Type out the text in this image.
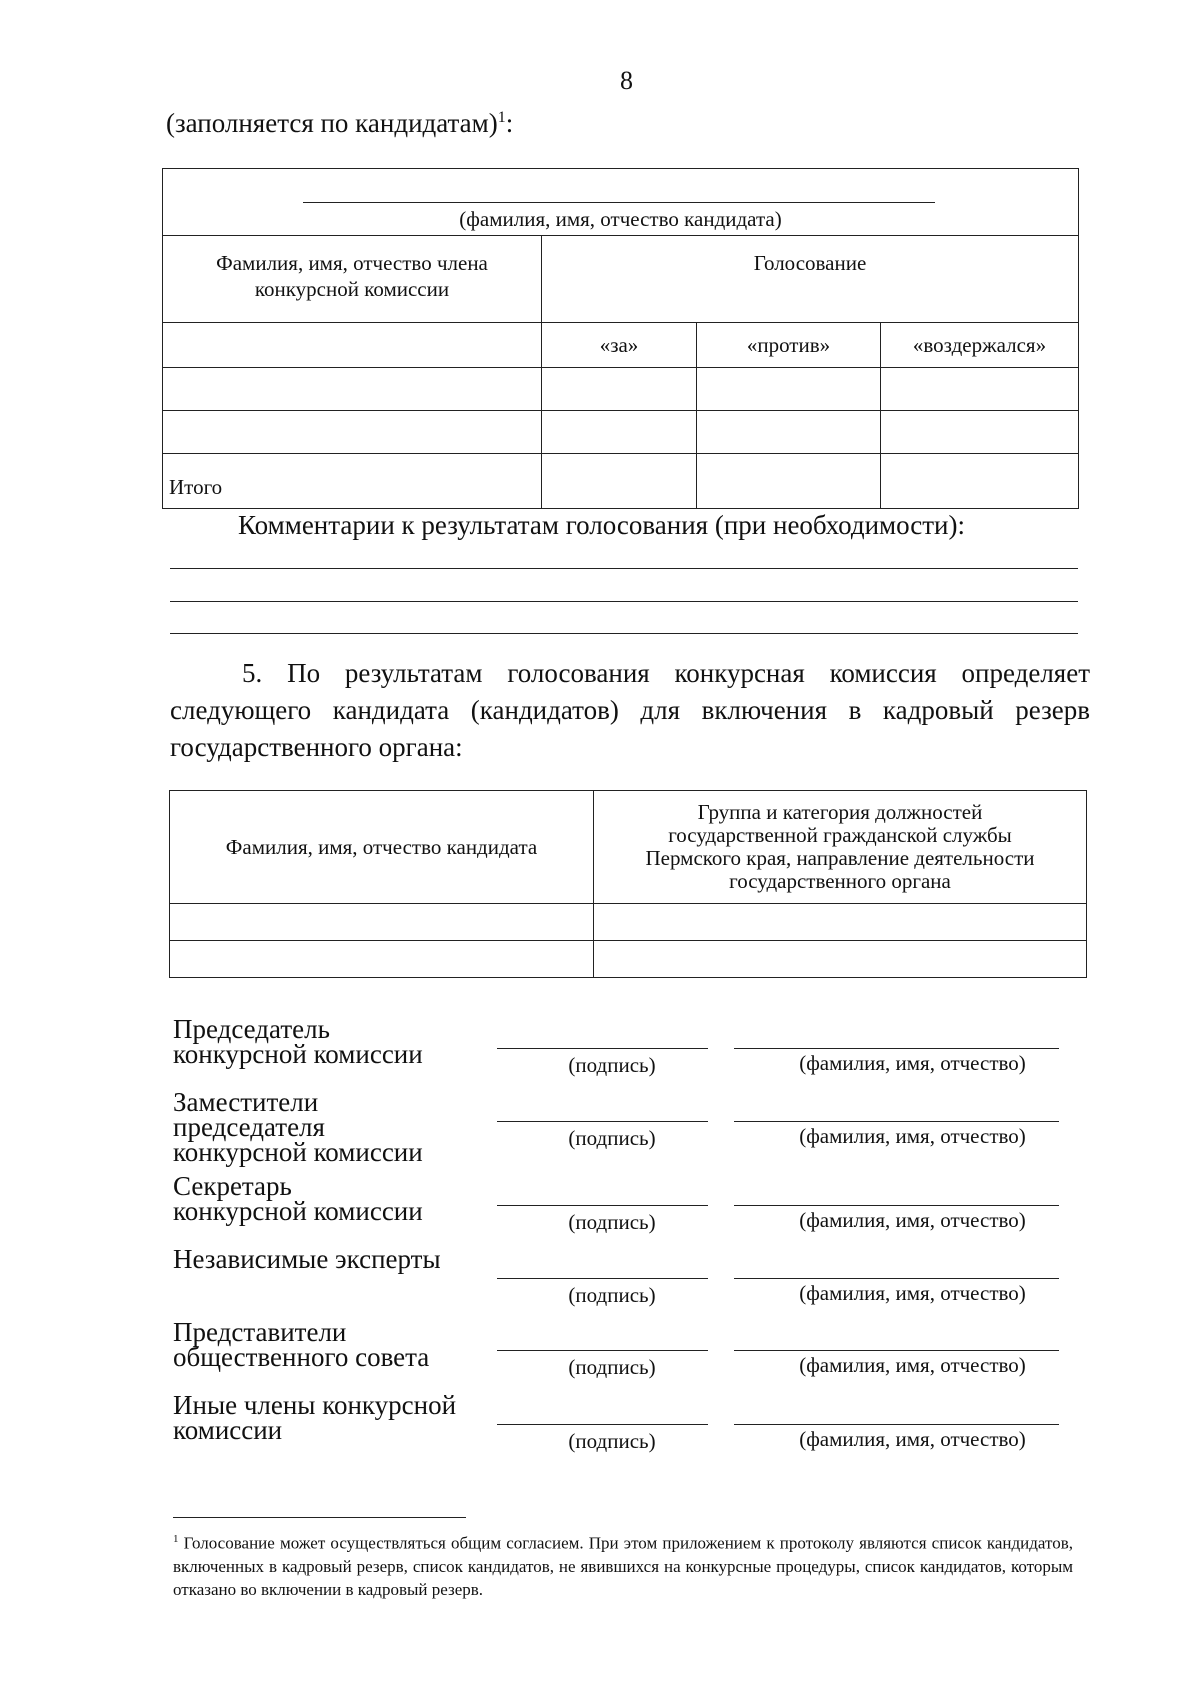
8
(заполняется по кандидатам)$^1$:
(фамилия, имя, отчество кандидата)			

Фамилия, имя, отчество члена конкурсной комиссии	Голосование		
	«за»	«против»	«воздержался»

Итого			
Комментарии к результатам голосования (при необходимости):
5. По результатам голосования конкурсная комиссия определяет следующего кандидата (кандидатов) для включения в кадровый резерв государственного органа:
Фамилия, имя, отчество кандидата	Группа и категория должностей
государственной гражданской службы
Пермского края, направление деятельности
государственного органа

Председатель
конкурсной комиссии	(подпись)	(фамилия, имя, отчество)
Заместители
председателя
конкурсной комиссии	(подпись)	(фамилия, имя, отчество)
Секретарь
конкурсной комиссии	(подпись)	(фамилия, имя, отчество)
Независимые эксперты
(подпись)	(фамилия, имя, отчество)
Представители
общественного совета	(подпись)	(фамилия, имя, отчество)
Иные члены конкурсной
комиссии	(подпись)	(фамилия, имя, отчество)
$^1$ Голосование может осуществляться общим согласием. При этом приложением к протоколу являются список кандидатов, включенных в кадровый резерв, список кандидатов, не явившихся на конкурсные процедуры, список кандидатов, которым отказано во включении в кадровый резерв.
